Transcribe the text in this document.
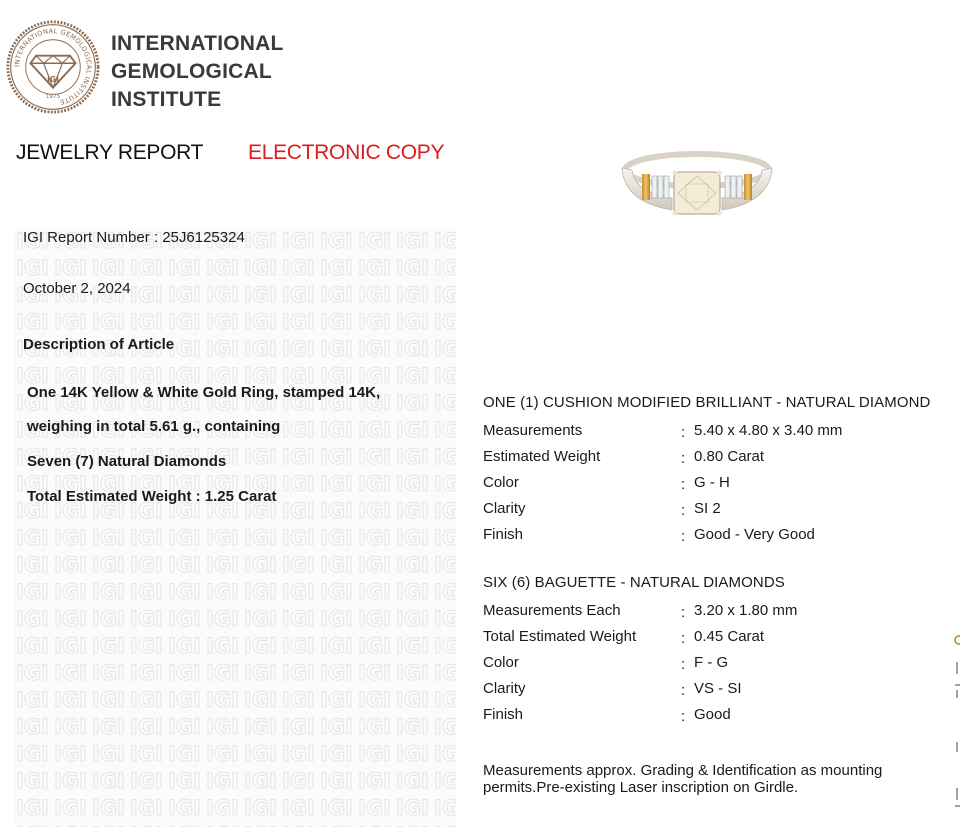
INTERNATIONAL GEMOLOGICAL INSTITUTE
IGI
1975
INTERNATIONAL
GEMOLOGICAL
INSTITUTE
JEWELRY REPORT ELECTRONIC COPY
IGI Report Number : 25J6125324
October 2, 2024
Description of Article
One 14K Yellow & White Gold Ring, stamped 14K,
weighing in total 5.61 g., containing
Seven (7) Natural Diamonds
Total Estimated Weight : 1.25 Carat
ONE (1) CUSHION MODIFIED BRILLIANT - NATURAL DIAMOND
Measurements	: 5.40 x 4.80 x 3.40 mm
Estimated Weight	: 0.80 Carat
Color	: G - H
Clarity	: SI 2
Finish	: Good - Very Good
SIX (6) BAGUETTE - NATURAL DIAMONDS
Measurements Each	: 3.20 x 1.80 mm
Total Estimated Weight	: 0.45 Carat
Color	: F - G
Clarity	: VS - SI
Finish	: Good
Measurements approx. Grading & Identification as mounting permits.Pre-existing Laser inscription on Girdle.
